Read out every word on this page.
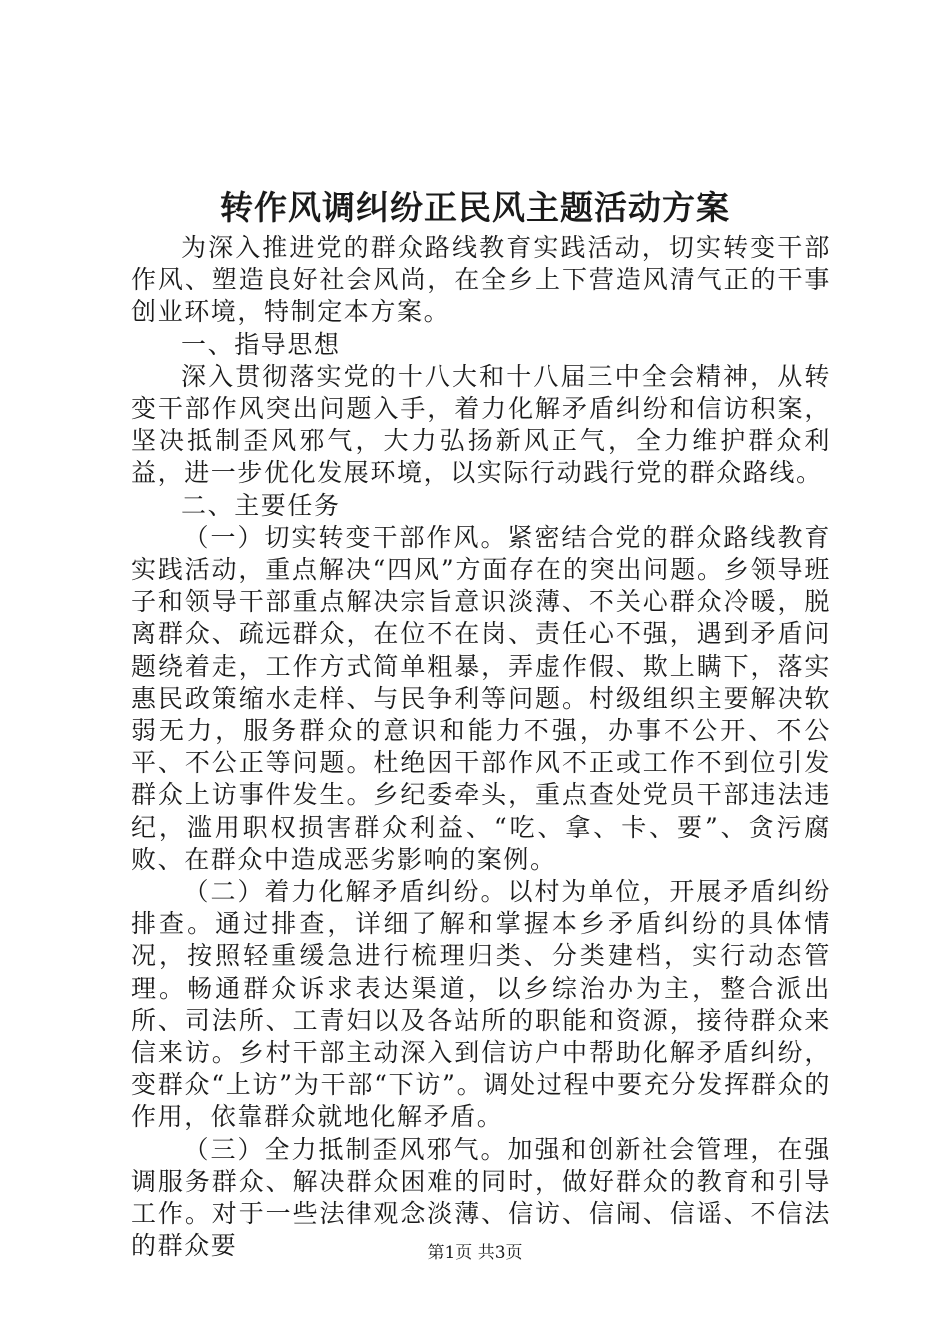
转作风调纠纷正民风主题活动方案

为深入推进党的群众路线教育实践活动，切实转变干部作风、塑造良好社会风尚，在全乡上下营造风清气正的干事创业环境，特制定本方案。

一、指导思想

深入贯彻落实党的十八大和十八届三中全会精神，从转变干部作风突出问题入手，着力化解矛盾纠纷和信访积案，坚决抵制歪风邪气，大力弘扬新风正气，全力维护群众利益，进一步优化发展环境，以实际行动践行党的群众路线。

二、主要任务

（一）切实转变干部作风。紧密结合党的群众路线教育实践活动，重点解决“四风”方面存在的突出问题。乡领导班子和领导干部重点解决宗旨意识淡薄、不关心群众冷暖，脱离群众、疏远群众，在位不在岗、责任心不强，遇到矛盾问题绕着走，工作方式简单粗暴，弄虚作假、欺上瞒下，落实惠民政策缩水走样、与民争利等问题。村级组织主要解决软弱无力，服务群众的意识和能力不强，办事不公开、不公平、不公正等问题。杜绝因干部作风不正或工作不到位引发群众上访事件发生。乡纪委牵头，重点查处党员干部违法违纪，滥用职权损害群众利益、“吃、拿、卡、要”、贪污腐败、在群众中造成恶劣影响的案例。

（二）着力化解矛盾纠纷。以村为单位，开展矛盾纠纷排查。通过排查，详细了解和掌握本乡矛盾纠纷的具体情况，按照轻重缓急进行梳理归类、分类建档，实行动态管理。畅通群众诉求表达渠道，以乡综治办为主，整合派出所、司法所、工青妇以及各站所的职能和资源，接待群众来信来访。乡村干部主动深入到信访户中帮助化解矛盾纠纷，变群众“上访”为干部“下访”。调处过程中要充分发挥群众的作用，依靠群众就地化解矛盾。

（三）全力抵制歪风邪气。加强和创新社会管理，在强调服务群众、解决群众困难的同时，做好群众的教育和引导工作。对于一些法律观念淡薄、信访、信闹、信谣、不信法的群众要	第1页 共3页
